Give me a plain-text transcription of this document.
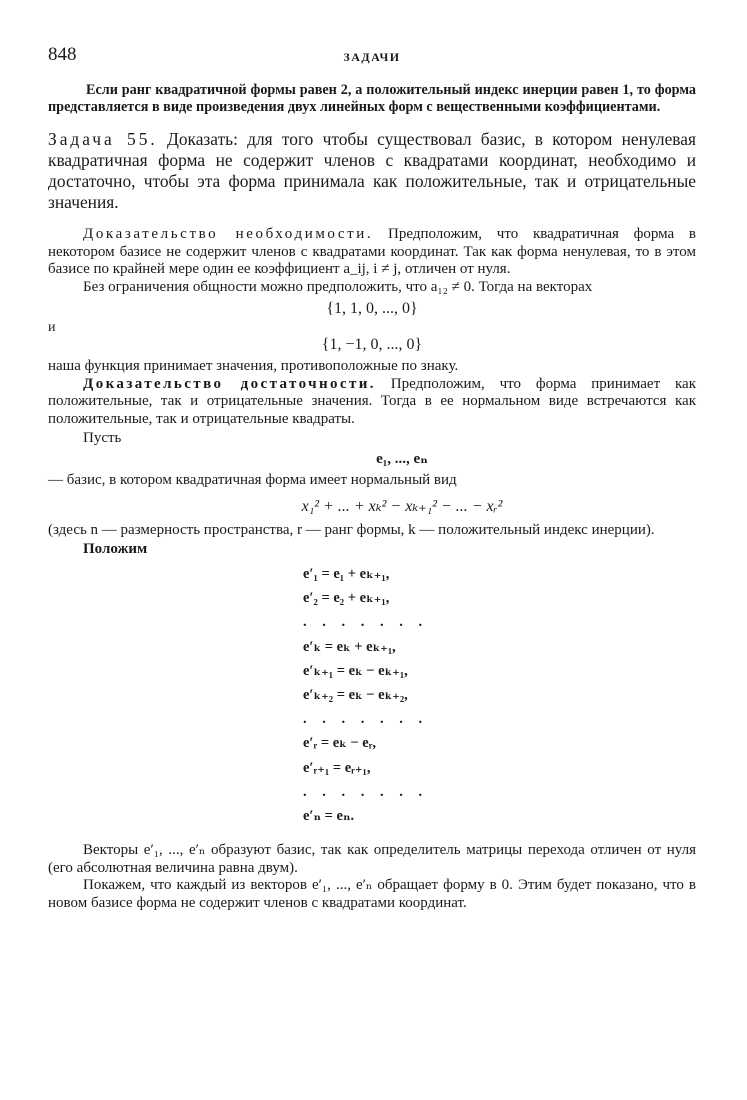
848	ЗАДАЧИ

Если ранг квадратичной формы равен 2, а положительный индекс инерции равен 1, то форма представляется в виде произведения двух линейных форм с вещественными коэффициентами.

Задача 55. Доказать: для того чтобы существовал базис, в котором ненулевая квадратичная форма не содержит членов с квадратами координат, необходимо и достаточно, чтобы эта форма принимала как положительные, так и отрицательные значения.

Доказательство необходимости. Предположим, что квадратичная форма в некотором базисе не содержит членов с квадратами координат. Так как форма ненулевая, то в этом базисе по крайней мере один ее коэффициент a_ij, i ≠ j, отличен от нуля.

Без ограничения общности можно предположить, что a₁₂ ≠ 0. Тогда на векторах

{1, 1, 0, ..., 0}
и
{1, −1, 0, ..., 0}

наша функция принимает значения, противоположные по знаку.

Доказательство достаточности. Предположим, что форма принимает как положительные, так и отрицательные значения. Тогда в ее нормальном виде встречаются как положительные, так и отрицательные квадраты.

Пусть
e₁, ..., eₙ

— базис, в котором квадратичная форма имеет нормальный вид

x₁² + ... + xₖ² − xₖ₊₁² − ... − xᵣ²

(здесь n — размерность пространства, r — ранг формы, k — положительный индекс инерции).

Положим
e′₁ = e₁ + eₖ₊₁,
e′₂ = e₂ + eₖ₊₁,
. . . . . . .
e′ₖ = eₖ + eₖ₊₁,
e′ₖ₊₁ = eₖ − eₖ₊₁,
e′ₖ₊₂ = eₖ − eₖ₊₂,
. . . . . . .
e′ᵣ = eₖ − eᵣ,
e′ᵣ₊₁ = eᵣ₊₁,
. . . . . . .
e′ₙ = eₙ.

Векторы e′₁, ..., e′ₙ образуют базис, так как определитель матрицы перехода отличен от нуля (его абсолютная величина равна двум).

Покажем, что каждый из векторов e′₁, ..., e′ₙ обращает форму в 0. Этим будет показано, что в новом базисе форма не содержит членов с квадратами координат.
